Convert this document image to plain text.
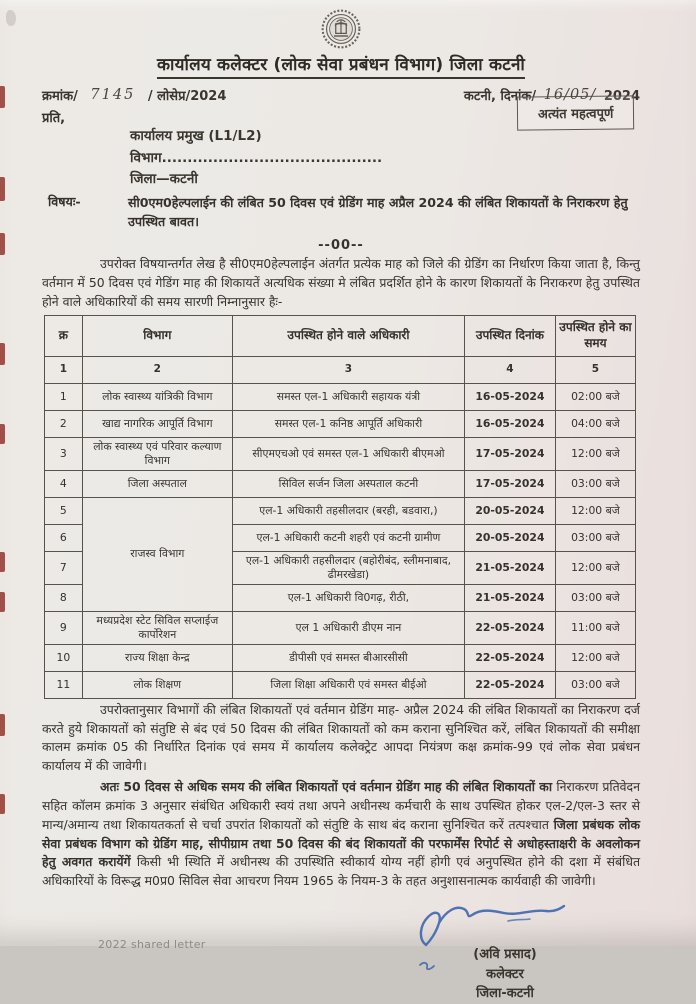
अत्यंत महत्वपूर्ण
कार्यालय कलेक्टर (लोक सेवा प्रबंधन विभाग) जिला कटनी
क्रमांक/ 7145 / लोसेप्र/2024	कटनी, दिनांक/ 16/05/ 2024
प्रति,
कार्यालय प्रमुख (L1/L2)
विभाग...........................................
जिला—कटनी
विषयः-	सी0एम0हेल्पलाईन की लंबित 50 दिवस एवं ग्रेडिंग माह अप्रैल 2024 की लंबित शिकायतों के निराकरण हेतु उपस्थित बावत।
--00--

उपरोक्त विषयान्तर्गत लेख है सी0एम0हेल्पलाईन अंतर्गत प्रत्येक माह को जिले की ग्रेडिंग का निर्धारण किया जाता है, किन्तु वर्तमान में 50 दिवस एवं गेडिंग माह की शिकायतें अत्यधिक संख्या मे लंबित प्रदर्शित होने के कारण शिकायतों के निराकरण हेतु उपस्थित होने वाले अधिकारियों की समय सारणी निम्नानुसार हैः-

क्र	विभाग	उपस्थित होने वाले अधिकारी	उपस्थित दिनांक	उपस्थित होने का समय
1	2	3	4	5
1	लोक स्वास्थ्य यांत्रिकी विभाग	समस्त एल-1 अधिकारी सहायक यंत्री	16-05-2024	02:00 बजे
2	खाद्य नागरिक आपूर्ति विभाग	समस्त एल-1 कनिष्ठ आपूर्ति अधिकारी	16-05-2024	04:00 बजे
3	लोक स्वास्थ्य एवं परिवार कल्याण विभाग	सीएमएचओ एवं समस्त एल-1 अधिकारी बीएमओ	17-05-2024	12:00 बजे
4	जिला अस्पताल	सिविल सर्जन जिला अस्पताल कटनी	17-05-2024	03:00 बजे
5	राजस्व विभाग	एल-1 अधिकारी तहसीलदार (बरही, बडवारा,)	20-05-2024	12:00 बजे
6		एल-1 अधिकारी कटनी शहरी एवं कटनी ग्रामीण	20-05-2024	03:00 बजे
7		एल-1 अधिकारी तहसीलदार (बहोरीबंद, स्लीमनाबाद, ढीमरखेडा)	21-05-2024	12:00 बजे
8		एल-1 अधिकारी वि0गढ़, रीठी,	21-05-2024	03:00 बजे
9	मध्यप्रदेश स्टेट सिविल सप्लाईज कार्पोरेशन	एल 1 अधिकारी डीएम नान	22-05-2024	11:00 बजे
10	राज्य शिक्षा केन्द्र	डीपीसी एवं समस्त बीआरसीसी	22-05-2024	12:00 बजे
11	लोक शिक्षण	जिला शिक्षा अधिकारी एवं समस्त बीईओ	22-05-2024	03:00 बजे

उपरोक्तानुसार विभागों की लंबित शिकायतों एवं वर्तमान ग्रेडिंग माह- अप्रैल 2024 की लंबित शिकायतों का निराकरण दर्ज करते हुये शिकायतों को संतुष्टि से बंद एवं 50 दिवस की लंबित शिकायतों को कम कराना सुनिश्चित करें, लंबित शिकायतों की समीक्षा कालम क्रमांक 05 की निर्धारित दिनांक एवं समय में कार्यालय कलेक्ट्रेट आपदा नियंत्रण कक्ष क्रमांक-99 एवं लोक सेवा प्रबंधन कार्यालय में की जावेगी।

अतः 50 दिवस से अधिक समय की लंबित शिकायतों एवं वर्तमान ग्रेडिंग माह की लंबित शिकायतों का निराकरण प्रतिवेदन सहित कॉलम क्रमांक 3 अनुसार संबंधित अधिकारी स्वयं तथा अपने अधीनस्थ कर्मचारी के साथ उपस्थित होकर एल-2/एल-3 स्तर से मान्य/अमान्य तथा शिकायतकर्ता से चर्चा उपरांत शिकायतों को संतुष्टि के साथ बंद कराना सुनिश्चित करें तत्पश्चात जिला प्रबंधक लोक सेवा प्रबंधक विभाग को ग्रेडिंग माह, सीपीग्राम तथा 50 दिवस की बंद शिकायतों की परफार्मेंस रिपोर्ट से अधोहस्ताक्षरी के अवलोकन हेतु अवगत करायेंगें किसी भी स्थिति में अधीनस्थ की उपस्थिति स्वीकार्य योग्य नहीं होगी एवं अनुपस्थित होने की दशा में संबंधित अधिकारियों के विरूद्ध म0प्र0 सिविल सेवा आचरण नियम 1965 के नियम-3 के तहत अनुशासनात्मक कार्यवाही की जावेगी।

(अवि प्रसाद)
कलेक्टर
जिला-कटनी
2022 shared letter
